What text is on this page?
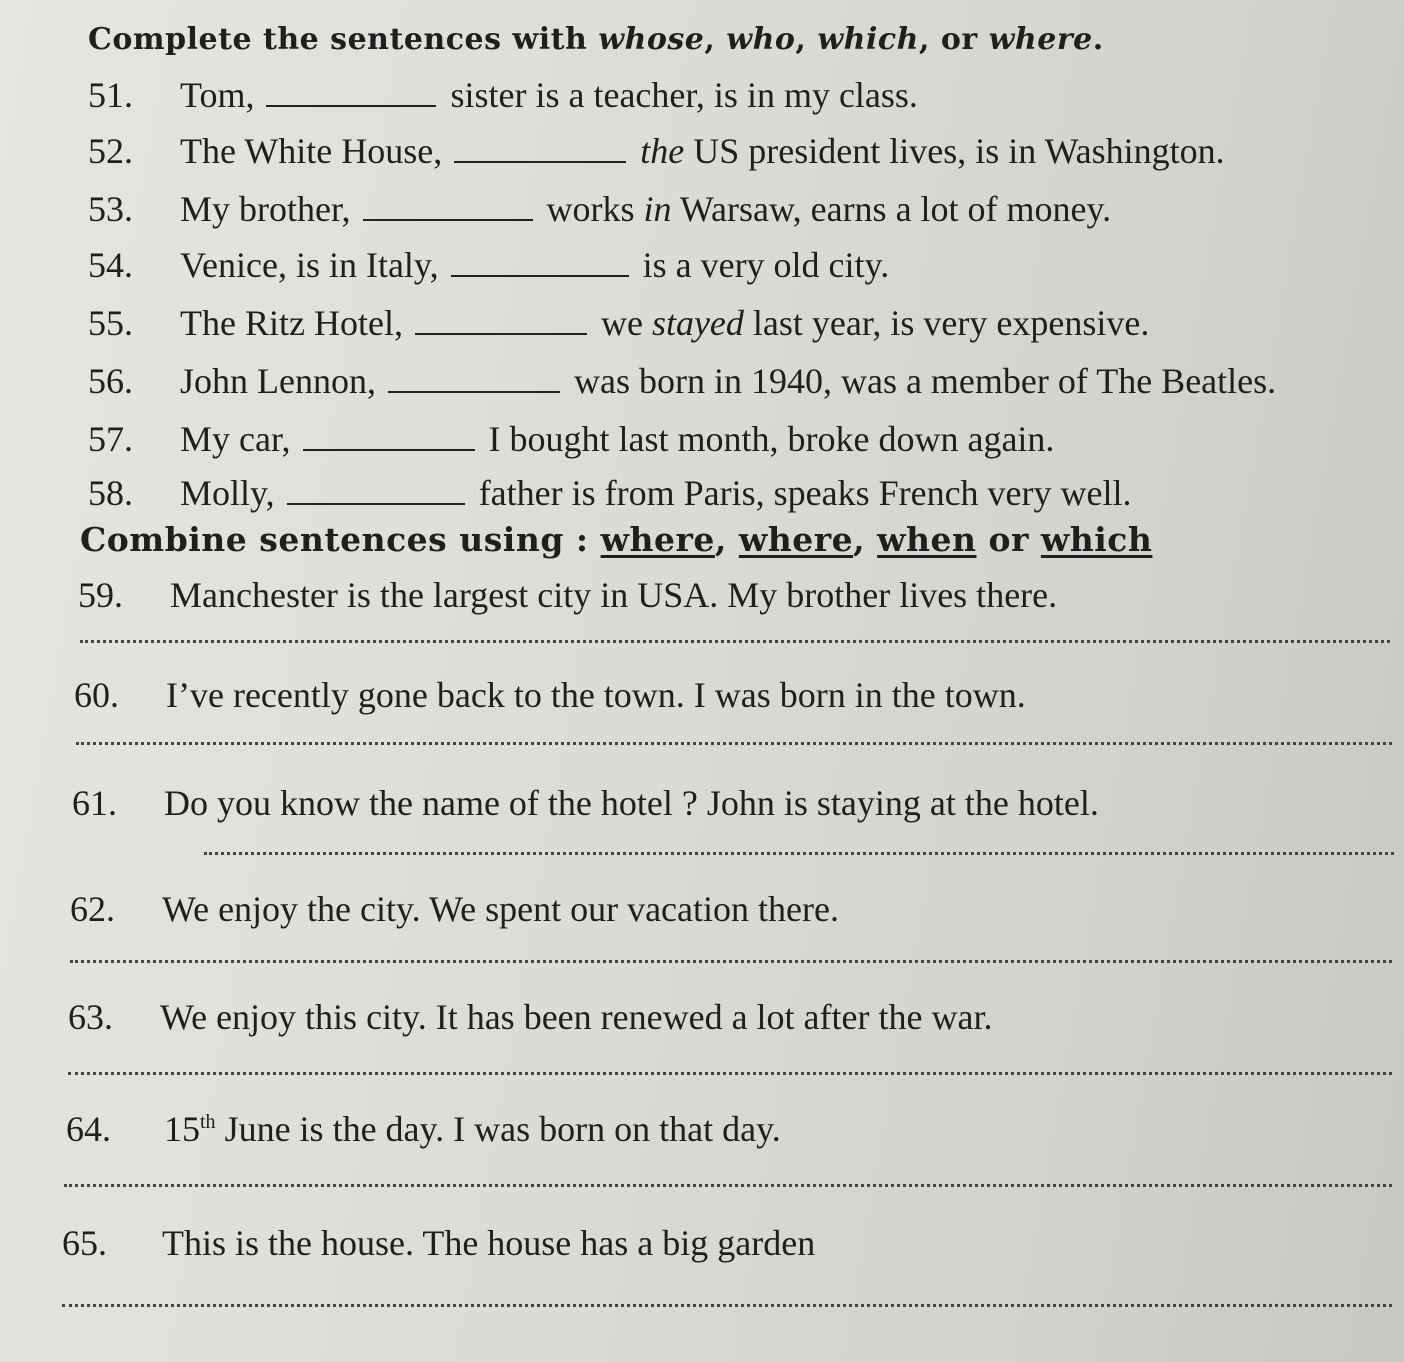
Complete the sentences with whose, who, which, or where.
51. Tom,	sister is a teacher, is in my class.
52. The White House,	the US president lives, is in Washington.
53. My brother,	works in Warsaw, earns a lot of money.
54. Venice, is in Italy,	is a very old city.
55. The Ritz Hotel,	we stayed last year, is very expensive.
56. John Lennon,	was born in 1940, was a member of The Beatles.
57. My car,	I bought last month, broke down again.
58. Molly,	father is from Paris, speaks French very well.
Combine sentences using : where, where, when or which
59. Manchester is the largest city in USA. My brother lives there.
60. I’ve recently gone back to the town. I was born in the town.
61. Do you know the name of the hotel ? John is staying at the hotel.
62. We enjoy the city. We spent our vacation there.
63. We enjoy this city. It has been renewed a lot after the war.
64. 15th June is the day. I was born on that day.
65. This is the house. The house has a big garden
